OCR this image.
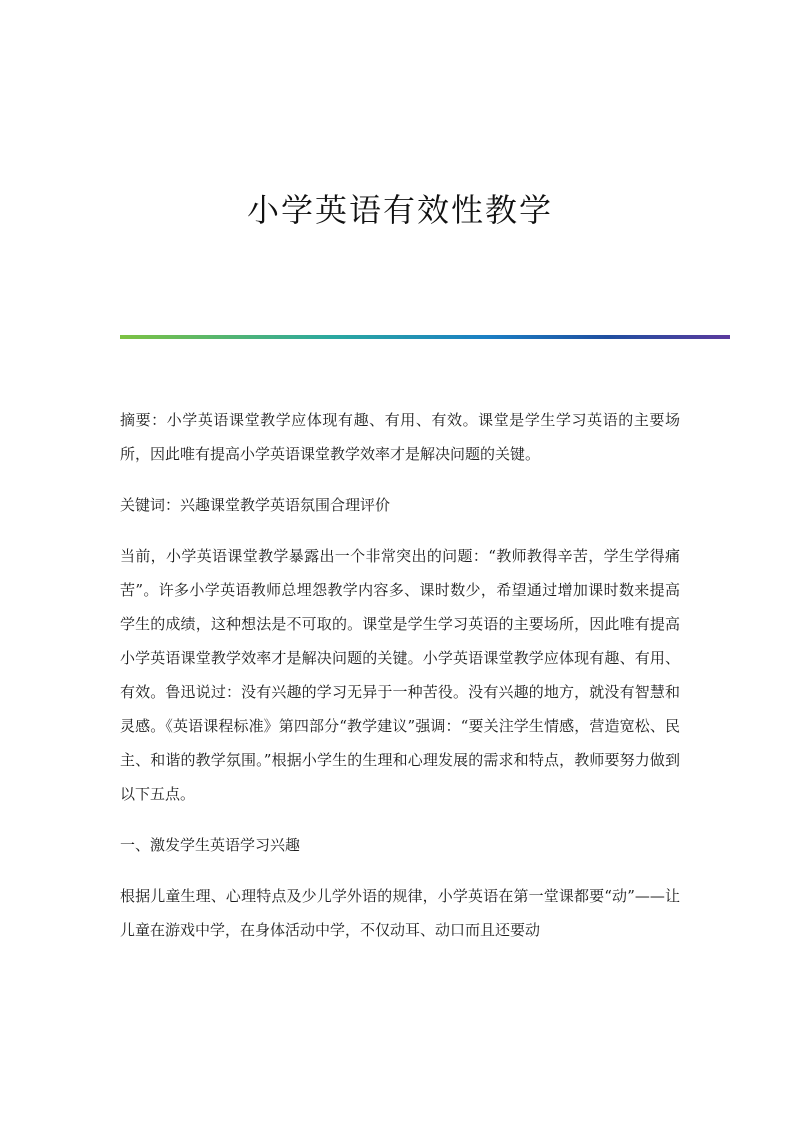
小学英语有效性教学

摘要：小学英语课堂教学应体现有趣、有用、有效。课堂是学生学习英语的主要场所，因此唯有提高小学英语课堂教学效率才是解决问题的关键。

关键词：兴趣课堂教学英语氛围合理评价

当前，小学英语课堂教学暴露出一个非常突出的问题：“教师教得辛苦，学生学得痛苦”。许多小学英语教师总埋怨教学内容多、课时数少，希望通过增加课时数来提高学生的成绩，这种想法是不可取的。课堂是学生学习英语的主要场所，因此唯有提高小学英语课堂教学效率才是解决问题的关键。小学英语课堂教学应体现有趣、有用、有效。鲁迅说过：没有兴趣的学习无异于一种苦役。没有兴趣的地方，就没有智慧和灵感。《英语课程标准》第四部分“教学建议”强调：“要关注学生情感，营造宽松、民主、和谐的教学氛围。”根据小学生的生理和心理发展的需求和特点，教师要努力做到以下五点。

一、激发学生英语学习兴趣

根据儿童生理、心理特点及少儿学外语的规律，小学英语在第一堂课都要“动”——让儿童在游戏中学，在身体活动中学，不仅动耳、动口而且还要动
